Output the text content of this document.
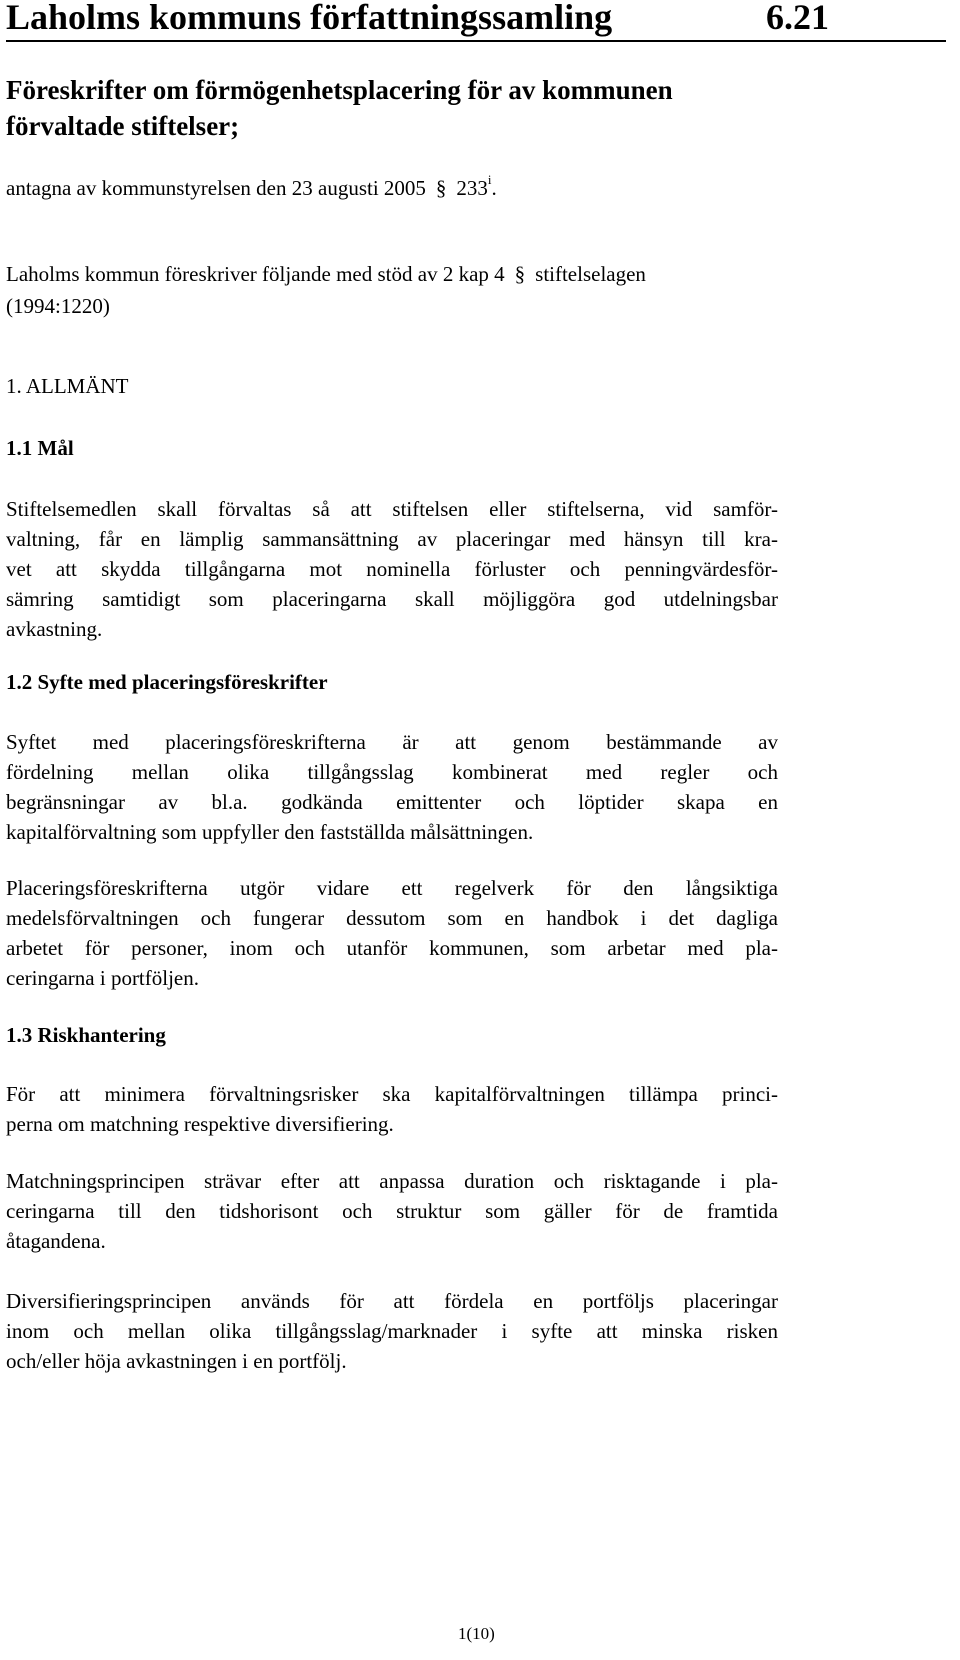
Laholms kommuns författningssamling	6.21
Föreskrifter om förmögenhetsplacering för av kommunen
förvaltade stiftelser;
antagna av kommunstyrelsen den 23 augusti 2005 § 233$^i$.
Laholms kommun föreskriver följande med stöd av 2 kap 4 § stiftelselagen
(1994:1220)
1. ALLMÄNT
1.1 Mål
Stiftelsemedlen skall förvaltas så att stiftelsen eller stiftelserna, vid samför-
valtning, får en lämplig sammansättning av placeringar med hänsyn till kra-
vet att skydda tillgångarna mot nominella förluster och penningvärdesför-
sämring samtidigt som placeringarna skall möjliggöra god utdelningsbar
avkastning.
1.2 Syfte med placeringsföreskrifter
Syftet med placeringsföreskrifterna är att genom bestämmande av
fördelning mellan olika tillgångsslag kombinerat med regler och
begränsningar av bl.a. godkända emittenter och löptider skapa en
kapitalförvaltning som uppfyller den fastställda målsättningen.
Placeringsföreskrifterna utgör vidare ett regelverk för den långsiktiga
medelsförvaltningen och fungerar dessutom som en handbok i det dagliga
arbetet för personer, inom och utanför kommunen, som arbetar med pla-
ceringarna i portföljen.
1.3 Riskhantering
För att minimera förvaltningsrisker ska kapitalförvaltningen tillämpa princi-
perna om matchning respektive diversifiering.
Matchningsprincipen strävar efter att anpassa duration och risktagande i pla-
ceringarna till den tidshorisont och struktur som gäller för de framtida
åtagandena.
Diversifieringsprincipen används för att fördela en portföljs placeringar
inom och mellan olika tillgångsslag/marknader i syfte att minska risken
och/eller höja avkastningen i en portfölj.
1(10)
